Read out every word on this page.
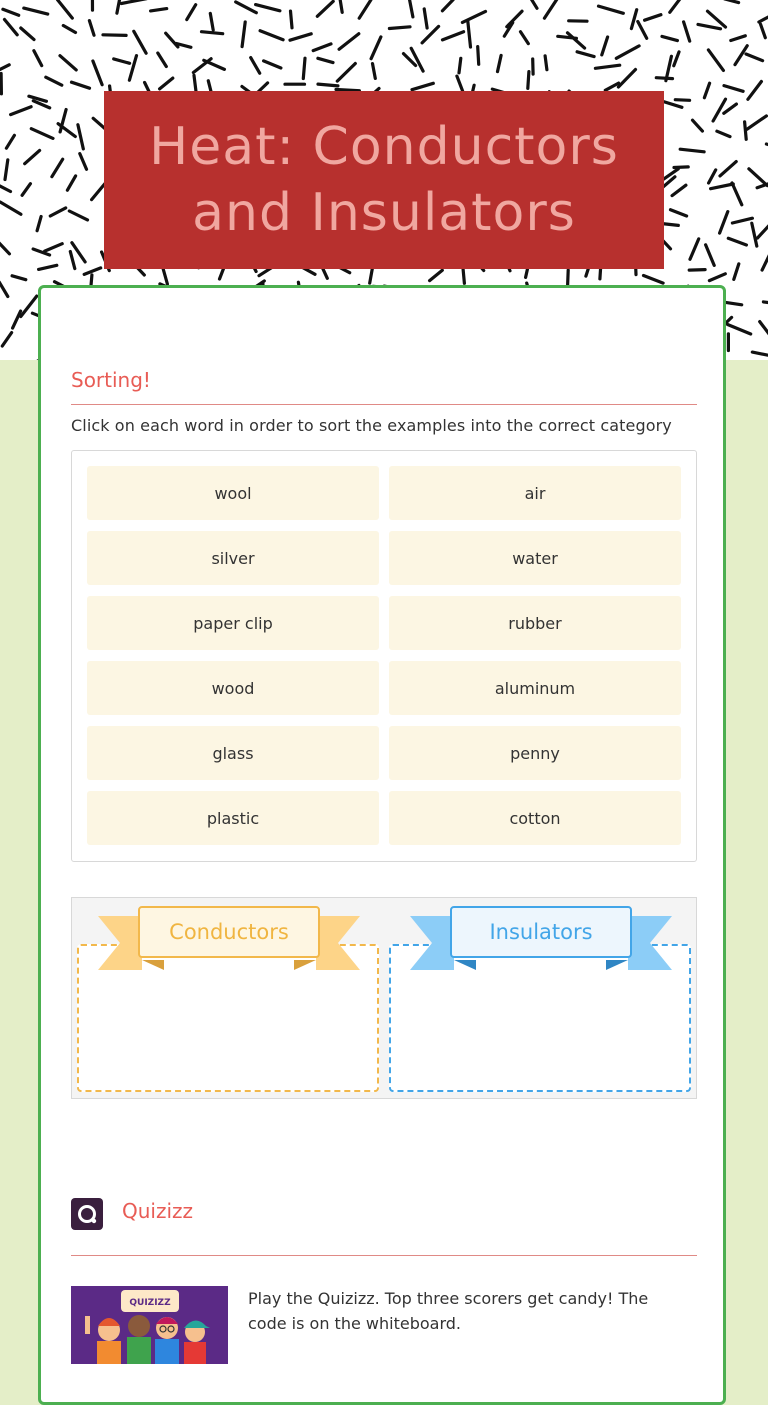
Heat: Conductors and Insulators
Sorting!
Click on each word in order to sort the examples into the correct category
wool	air
silver	water
paper clip	rubber
wood	aluminum
glass	penny
plastic	cotton
Conductors	Insulators
Quizizz
QUIZIZZ	Play the Quizizz. Top three scorers get candy! The code is on the whiteboard.
